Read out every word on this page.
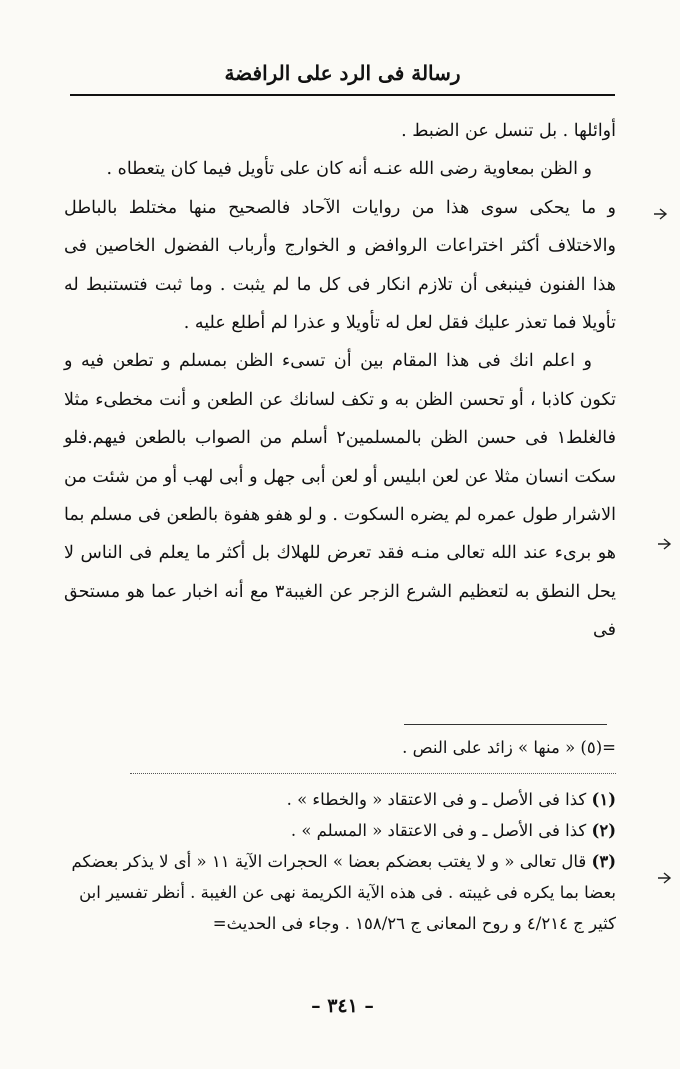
رسالة فى الرد على الرافضة

أوائلها . بل تنسل عن الضبط .

و الظن بمعاوية رضى الله عنـه أنه كان على تأويل فيما كان يتعطاه .

و ما يحكى سوى هذا من روايات الآحاد فالصحيح منها مختلط بالباطل والاختلاف أكثر اختراعات الروافض و الخوارج وأرباب الفضول الخاصين فى هذا الفنون فينبغى أن تلازم انكار فى كل ما لم يثبت . وما ثبت فتستنبط له تأويلا فما تعذر عليك فقل لعل له تأويلا و عذرا لم أطلع عليه .

و اعلم انك فى هذا المقام بين أن تسىء الظن بمسلم و تطعن فيه و تكون كاذبا ، أو تحسن الظن به و تكف لسانك عن الطعن و أنت مخطىء مثلا فالغلط١ فى حسن الظن بالمسلمين٢ أسلم من الصواب بالطعن فيهم.فلو سكت انسان مثلا عن لعن ابليس أو لعن أبى جهل و أبى لهب أو من شئت من الاشرار طول عمره لم يضره السكوت . و لو هفو هفوة بالطعن فى مسلم بما هو برىء عند الله تعالى منـه فقد تعرض للهلاك بل أكثر ما يعلم فى الناس لا يحل النطق به لتعظيم الشرع الزجر عن الغيبة٣ مع أنه اخبار عما هو مستحق فى

=(٥) « منها » زائد على النص .

(١) كذا فى الأصل ـ و فى الاعتقاد « والخطاء » .

(٢) كذا فى الأصل ـ و فى الاعتقاد « المسلم » .

(٣) قال تعالى « و لا يغتب بعضكم بعضا » الحجرات الآية ١١ « أى لا يذكر بعضكم بعضا بما يكره فى غيبته . فى هذه الآية الكريمة نهى عن الغيبة . أنظر تفسير ابن كثير ج ٤/٢١٤ و روح المعانى ج ١٥٨/٢٦ . وجاء فى الحديث=

– ٣٤١ –
